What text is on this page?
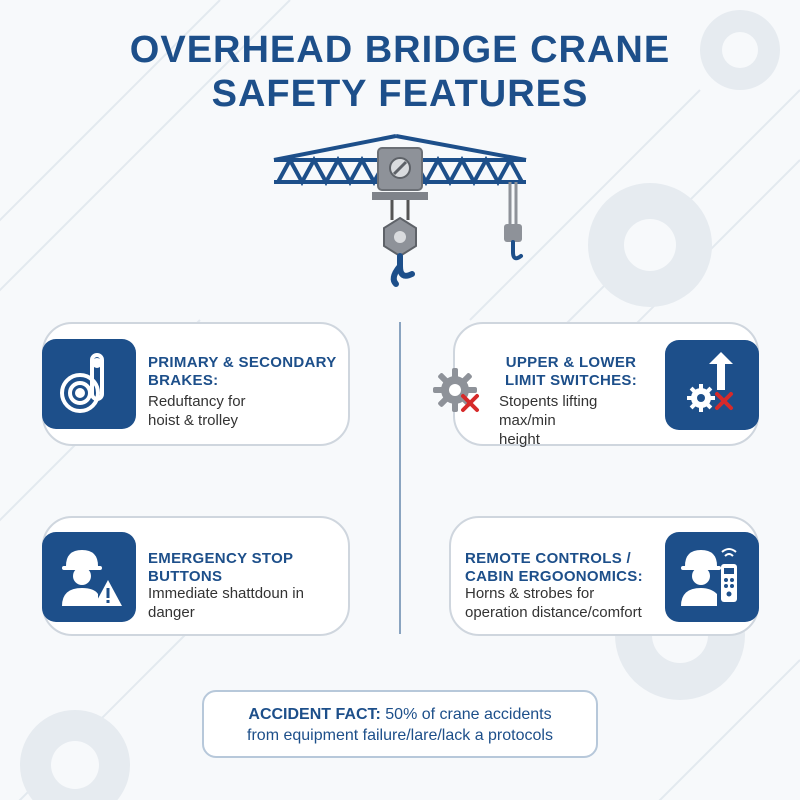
OVERHEAD BRIDGE CRANE
SAFETY FEATURES
PRIMARY & SECONDARY
BRAKES:
Reduftancy for
hoist & trolley
UPPER & LOWER
LIMIT SWITCHES:
Stopents lifting
max/min
height
EMERGENCY STOP
BUTTONS
Immediate shattdoun in
danger
REMOTE CONTROLS /
CABIN ERGOONOMICS:
Horns & strobes for
operation distance/comfort
ACCIDENT FACT: 50% of crane accidents
from equipment failure/lare/lack a protocols
